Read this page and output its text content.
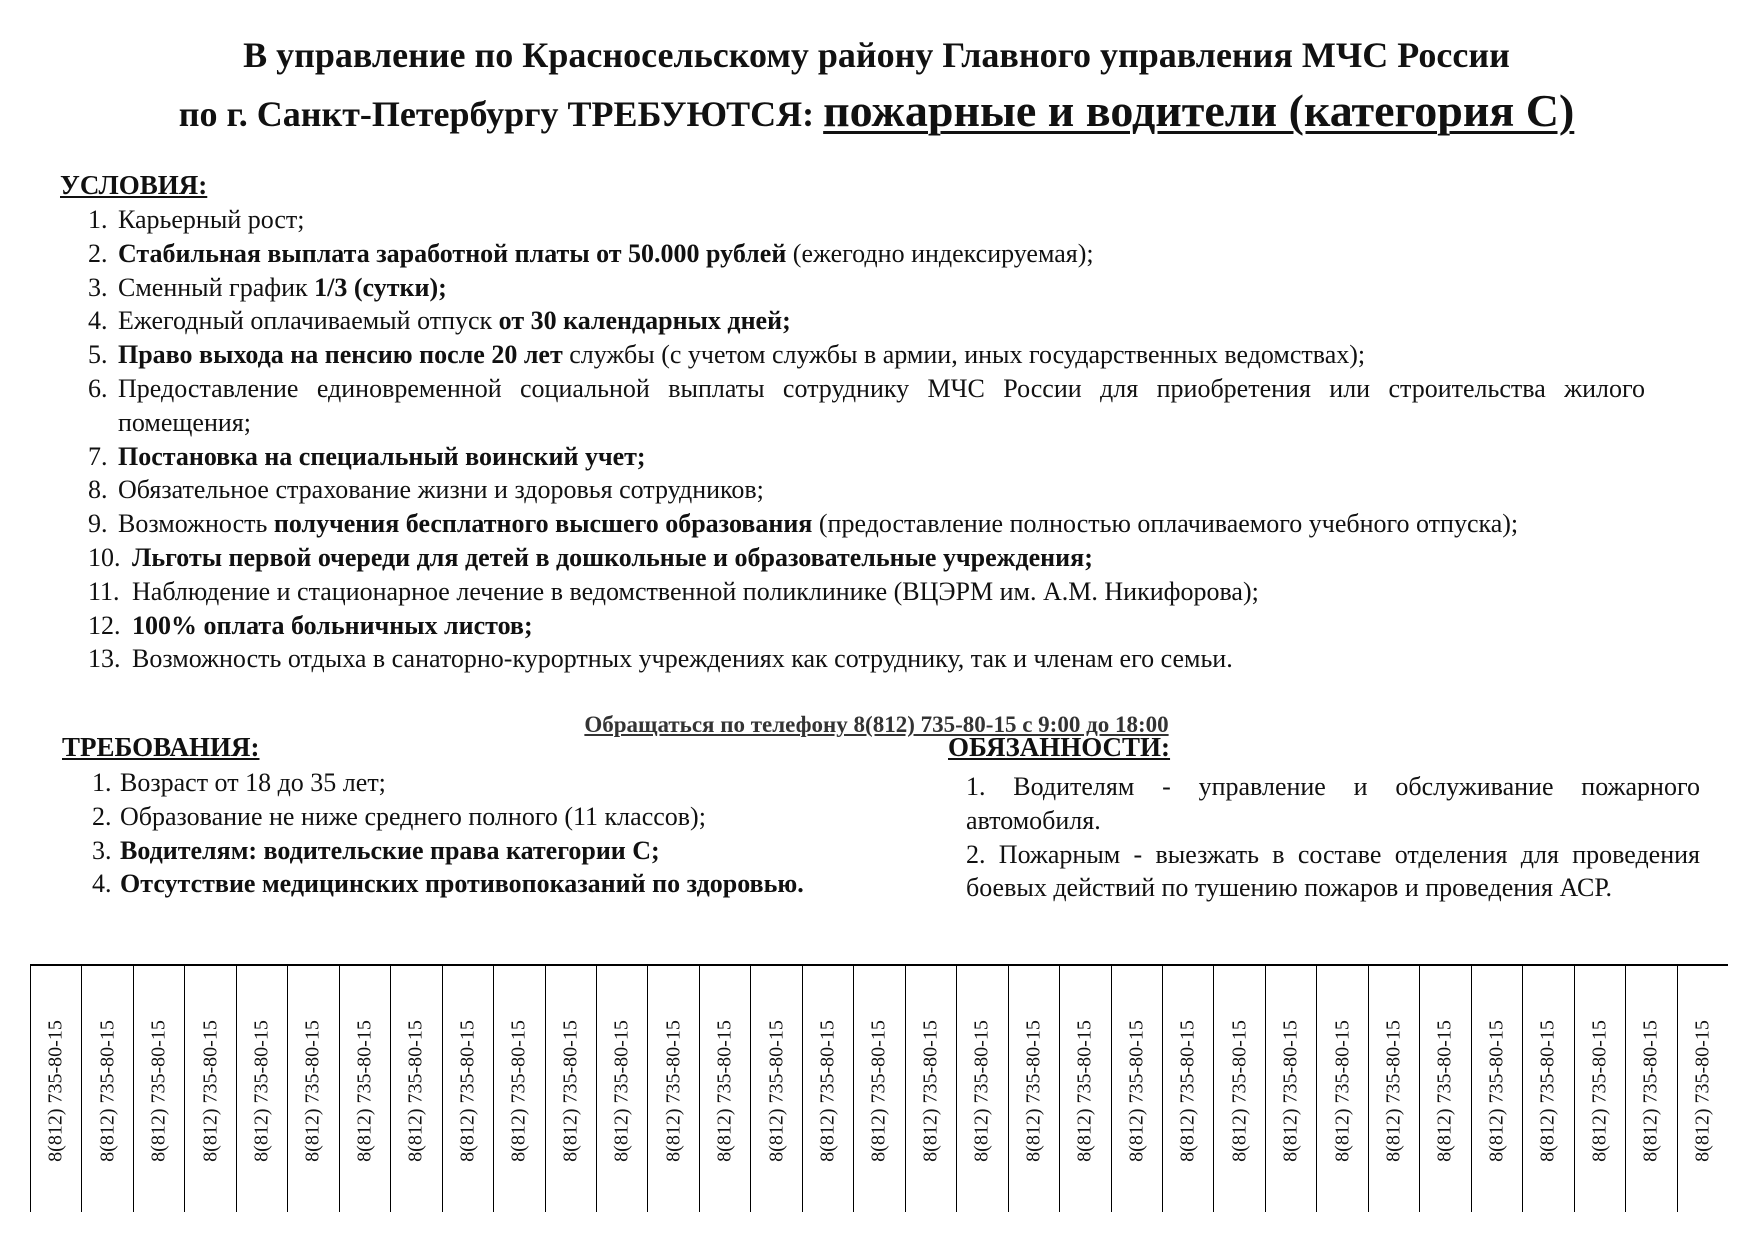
В управление по Красносельскому району Главного управления МЧС России
по г. Санкт-Петербургу ТРЕБУЮТСЯ: пожарные и водители (категория С)
УСЛОВИЯ:
1. Карьерный рост;
2. Стабильная выплата заработной платы от 50.000 рублей (ежегодно индексируемая);
3. Сменный график 1/3 (сутки);
4. Ежегодный оплачиваемый отпуск от 30 календарных дней;
5. Право выхода на пенсию после 20 лет службы (с учетом службы в армии, иных государственных ведомствах);
6. Предоставление единовременной социальной выплаты сотруднику МЧС России для приобретения или строительства жилого помещения;
7. Постановка на специальный воинский учет;
8. Обязательное страхование жизни и здоровья сотрудников;
9. Возможность получения бесплатного высшего образования (предоставление полностью оплачиваемого учебного отпуска);
10. Льготы первой очереди для детей в дошкольные и образовательные учреждения;
11. Наблюдение и стационарное лечение в ведомственной поликлинике (ВЦЭРМ им. А.М. Никифорова);
12. 100% оплата больничных листов;
13. Возможность отдыха в санаторно-курортных учреждениях как сотруднику, так и членам его семьи.
Обращаться по телефону 8(812) 735-80-15 с 9:00 до 18:00
ТРЕБОВАНИЯ:
1. Возраст от 18 до 35 лет;
2. Образование не ниже среднего полного (11 классов);
3. Водителям: водительские права категории С;
4. Отсутствие медицинских противопоказаний по здоровью.
ОБЯЗАННОСТИ:

1. Водителям - управление и обслуживание пожарного автомобиля.

2. Пожарным - выезжать в составе отделения для проведения боевых действий по тушению пожаров и проведения АСР.

8(812) 735-80-15 8(812) 735-80-15 8(812) 735-80-15 8(812) 735-80-15 8(812) 735-80-15 8(812) 735-80-15 8(812) 735-80-15 8(812) 735-80-15 8(812) 735-80-15 8(812) 735-80-15 8(812) 735-80-15 8(812) 735-80-15 8(812) 735-80-15 8(812) 735-80-15 8(812) 735-80-15 8(812) 735-80-15 8(812) 735-80-15 8(812) 735-80-15 8(812) 735-80-15 8(812) 735-80-15 8(812) 735-80-15 8(812) 735-80-15 8(812) 735-80-15 8(812) 735-80-15 8(812) 735-80-15 8(812) 735-80-15 8(812) 735-80-15 8(812) 735-80-15 8(812) 735-80-15 8(812) 735-80-15 8(812) 735-80-15 8(812) 735-80-15 8(812) 735-80-15
